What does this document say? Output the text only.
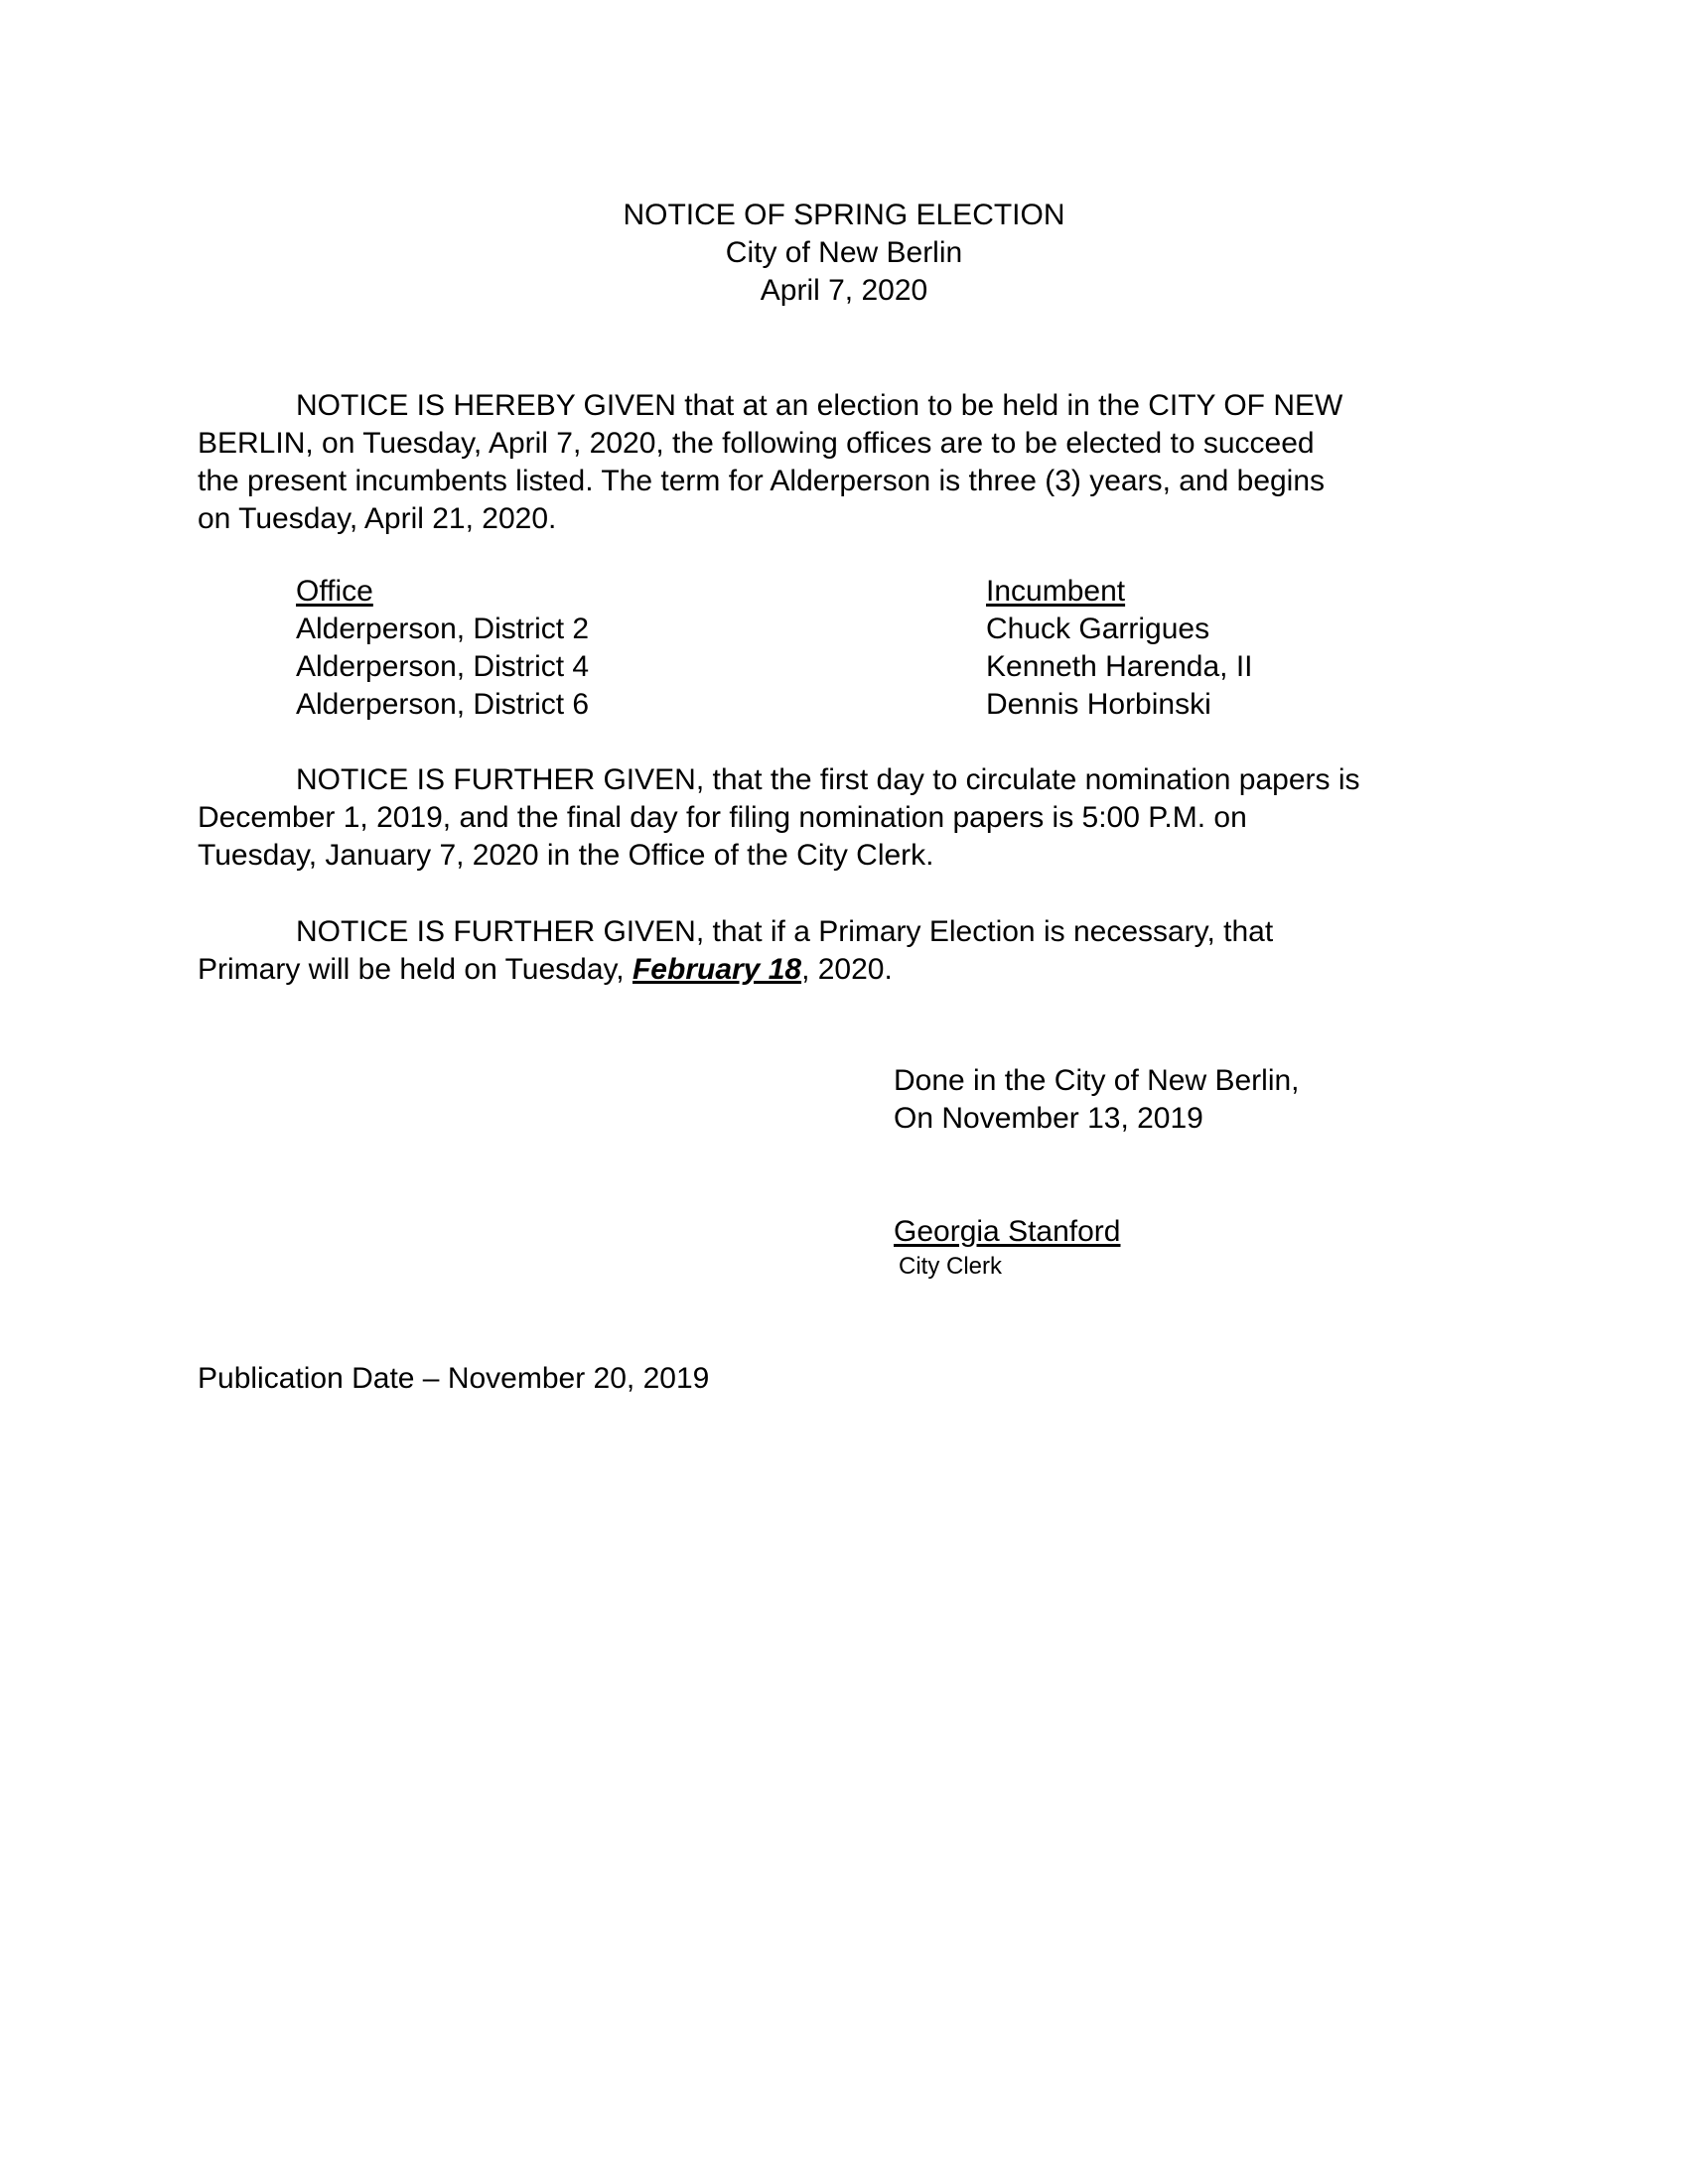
NOTICE OF SPRING ELECTION
City of New Berlin
April 7, 2020
NOTICE IS HEREBY GIVEN that at an election to be held in the CITY OF NEW
BERLIN, on Tuesday, April 7, 2020, the following offices are to be elected to succeed
the present incumbents listed. The term for Alderperson is three (3) years, and begins
on Tuesday, April 21, 2020.
Office	Incumbent
Alderperson, District 2	Chuck Garrigues
Alderperson, District 4	Kenneth Harenda, II
Alderperson, District 6	Dennis Horbinski
NOTICE IS FURTHER GIVEN, that the first day to circulate nomination papers is
December 1, 2019, and the final day for filing nomination papers is 5:00 P.M. on
Tuesday, January 7, 2020 in the Office of the City Clerk.
NOTICE IS FURTHER GIVEN, that if a Primary Election is necessary, that
Primary will be held on Tuesday, February 18, 2020.
Done in the City of New Berlin,
On November 13, 2019
Georgia Stanford
City Clerk
Publication Date – November 20, 2019
